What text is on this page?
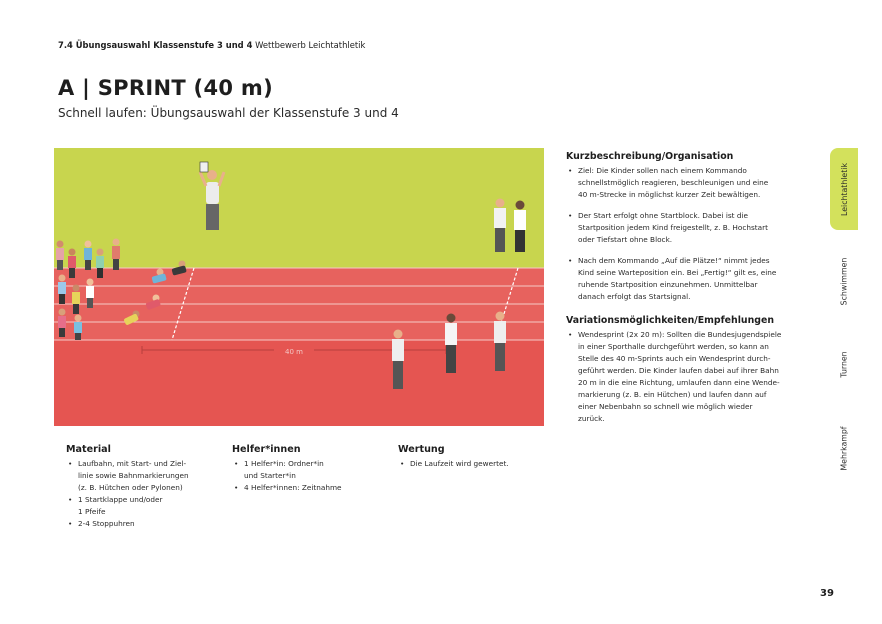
7.4 Übungsauswahl Klassenstufe 3 und 4 Wettbewerb Leichtathletik
A | SPRINT (40 m)
Schnell laufen: Übungsauswahl der Klassenstufe 3 und 4
40 m
Kurzbeschreibung/Organisation
• Ziel: Die Kinder sollen nach einem Kommando
schnellstmöglich reagieren, beschleunigen und eine
40 m-Strecke in möglichst kurzer Zeit bewältigen.
• Der Start erfolgt ohne Startblock. Dabei ist die
Startposition jedem Kind freigestellt, z. B. Hochstart
oder Tiefstart ohne Block.
• Nach dem Kommando „Auf die Plätze!“ nimmt jedes
Kind seine Warteposition ein. Bei „Fertig!“ gilt es, eine
ruhende Startposition einzunehmen. Unmittelbar
danach erfolgt das Startsignal.
Variationsmöglichkeiten/Empfehlungen
• Wendesprint (2x 20 m): Sollten die Bundesjugendspiele
in einer Sporthalle durchgeführt werden, so kann an
Stelle des 40 m-Sprints auch ein Wendesprint durch-
geführt werden. Die Kinder laufen dabei auf ihrer Bahn
20 m in die eine Richtung, umlaufen dann eine Wende-
markierung (z. B. ein Hütchen) und laufen dann auf
einer Nebenbahn so schnell wie möglich wieder
zurück.
Material
• Laufbahn, mit Start- und Ziel-
linie sowie Bahnmarkierungen
(z. B. Hütchen oder Pylonen)
• 1 Startklappe und/oder
1 Pfeife
• 2-4 Stoppuhren
Helfer*innen
• 1 Helfer*in: Ordner*in
und Starter*in
• 4 Helfer*innen: Zeitnahme
Wertung
• Die Laufzeit wird gewertet.
Leichtathletik
Schwimmen
Turnen
Mehrkampf
39
